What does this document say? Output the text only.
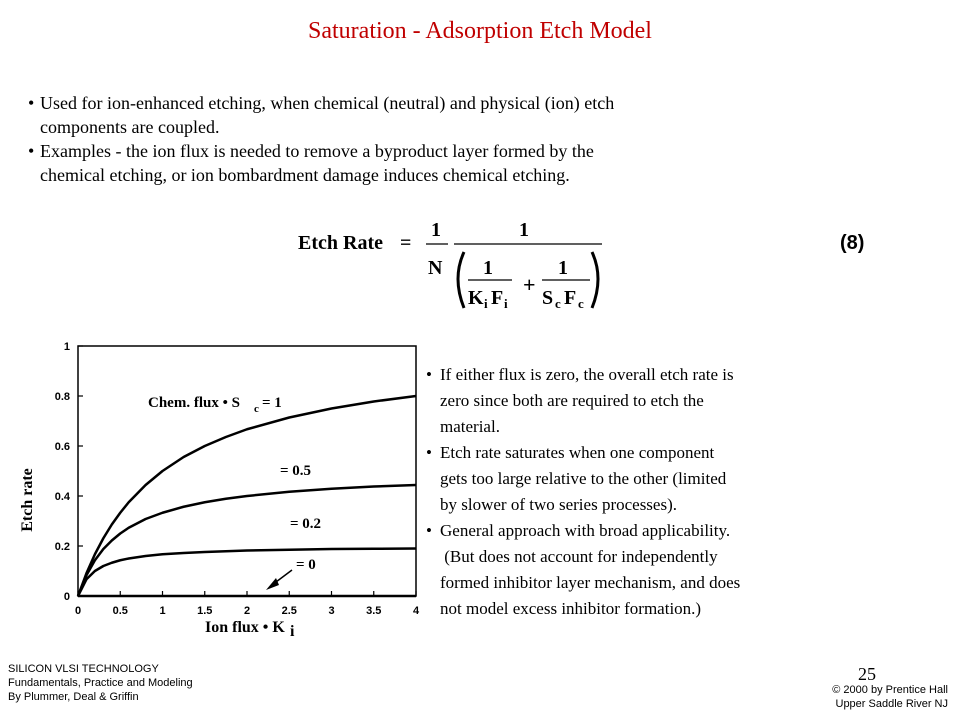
Saturation - Adsorption Etch Model
• Used for ion-enhanced etching, when chemical (neutral) and physical (ion) etch
components are coupled.
• Examples - the ion flux is needed to remove a byproduct layer formed by the
chemical etching, or ion bombardment damage induces chemical etching.
Etch Rate =
1
N
1
1
K i F i
+
1
S c F c
(8)
0	0.5	1	1.5	2	2.5	3	3.5	4
0
0.2
0.4
0.6
0.8
1
Ion flux • K i
Etch rate
Chem. flux • S c = 1
= 0.5
= 0.2
= 0
• If either flux is zero, the overall etch rate is
zero since both are required to etch the
material.
• Etch rate saturates when one component
gets too large relative to the other (limited
by slower of two series processes).
• General approach with broad applicability.
(But does not account for independently
formed inhibitor layer mechanism, and does
not model excess inhibitor formation.)
SILICON VLSI TECHNOLOGY
Fundamentals, Practice and Modeling
By Plummer, Deal & Griffin
25
© 2000 by Prentice Hall
Upper Saddle River NJ
